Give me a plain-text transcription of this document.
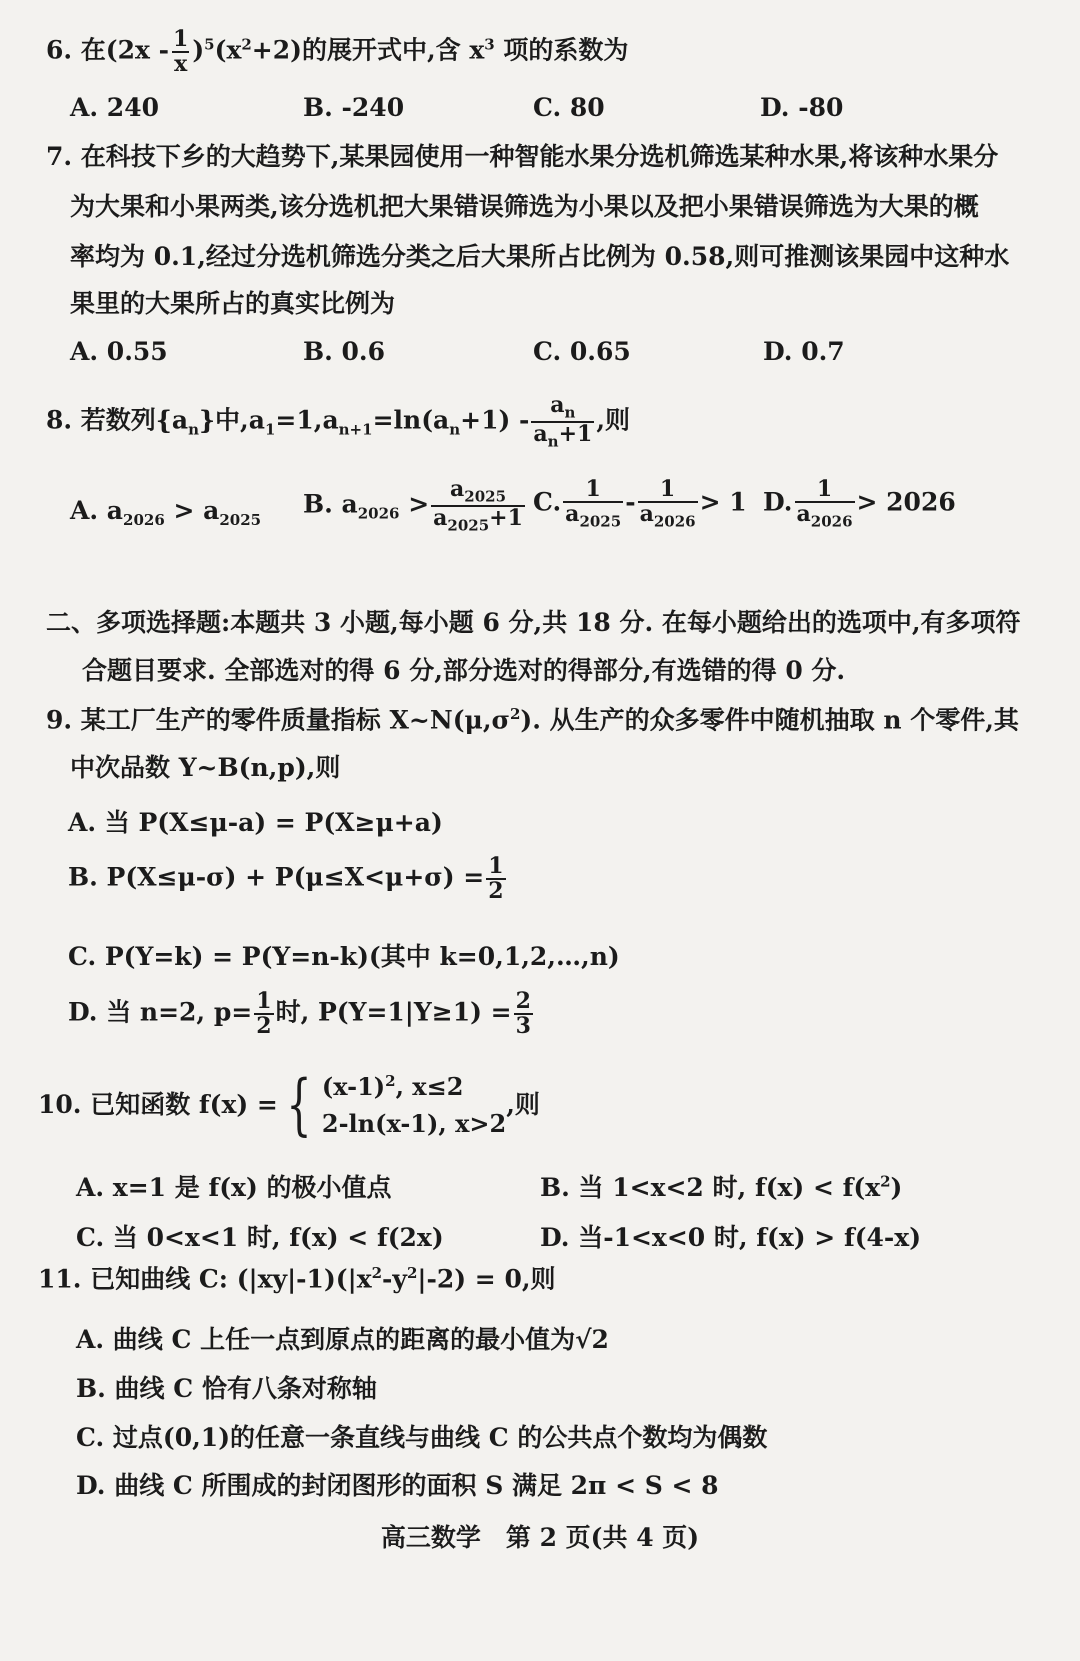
6. 在$(2x - \frac{1}{x} )^5(x^2+2)$的展开式中,含 $x^3$ 项的系数为
A. 240	B. -240	C. 80	D. -80
7. 在科技下乡的大趋势下,某果园使用一种智能水果分选机筛选某种水果,将该种水果分
为大果和小果两类,该分选机把大果错误筛选为小果以及把小果错误筛选为大果的概
率均为 0.1,经过分选机筛选分类之后大果所占比例为 0.58,则可推测该果园中这种水
果里的大果所占的真实比例为
A. 0.55	B. 0.6	C. 0.65	D. 0.7
8. 若数列$\{a_n\}$中$,a_1=1,a_{n+1}=\ln(a_n+1) - \frac{a_n}{a_n+1}$ ,则
A. $a_{2026} > a_{2025}$
B. $a_{2026} > \frac{a_{2025}}{a_{2025}+1} C$. $\frac{1}{a_{2025}} - \frac{1}{a_{2026}} > 1$ D. $\frac{1}{a_{2026}} > 2026$
二、多项选择题:本题共 3 小题,每小题 6 分,共 18 分. 在每小题给出的选项中,有多项符
合题目要求. 全部选对的得 6 分,部分选对的得部分,有选错的得 0 分.
9. 某工厂生产的零件质量指标 $X\sim N(\mu,\sigma^2)$. 从生产的众多零件中随机抽取 n 个零件,其
中次品数 Y~B(n,p),则
A. 当 P(X≤μ-a) = P(X≥μ+a)
B. $P(X\le\mu-\sigma) + P(\mu\le X<\mu+\sigma) = \frac{1}{2}$
C. P(Y=k) = P(Y=n-k)(其中 k=0,1,2,…,n)
D. 当 n=2, $p= \frac{1}{2}$ 时, $P(Y=1|Y\ge 1) = \frac{2}{3}$
10. 已知函数 f(x) = { $(x-1)^2$, x≤2
2-ln(x-1), x>2
,则
A. x=1 是 f(x) 的极小值点	B. 当 1<x<2 时, $f(x) < f(x^2)$
C. 当 0<x<1 时, f(x) < f(2x)	D. 当-1<x<0 时, f(x) > f(4-x)
11. 已知曲线 C: $(|xy|-1)(|x^2-y^2|-2) = 0$,则
A. 曲线 C 上任一点到原点的距离的最小值为√2
B. 曲线 C 恰有八条对称轴
C. 过点(0,1)的任意一条直线与曲线 C 的公共点个数均为偶数
D. 曲线 C 所围成的封闭图形的面积 S 满足 2π < S < 8
高三数学　第 2 页(共 4 页)
